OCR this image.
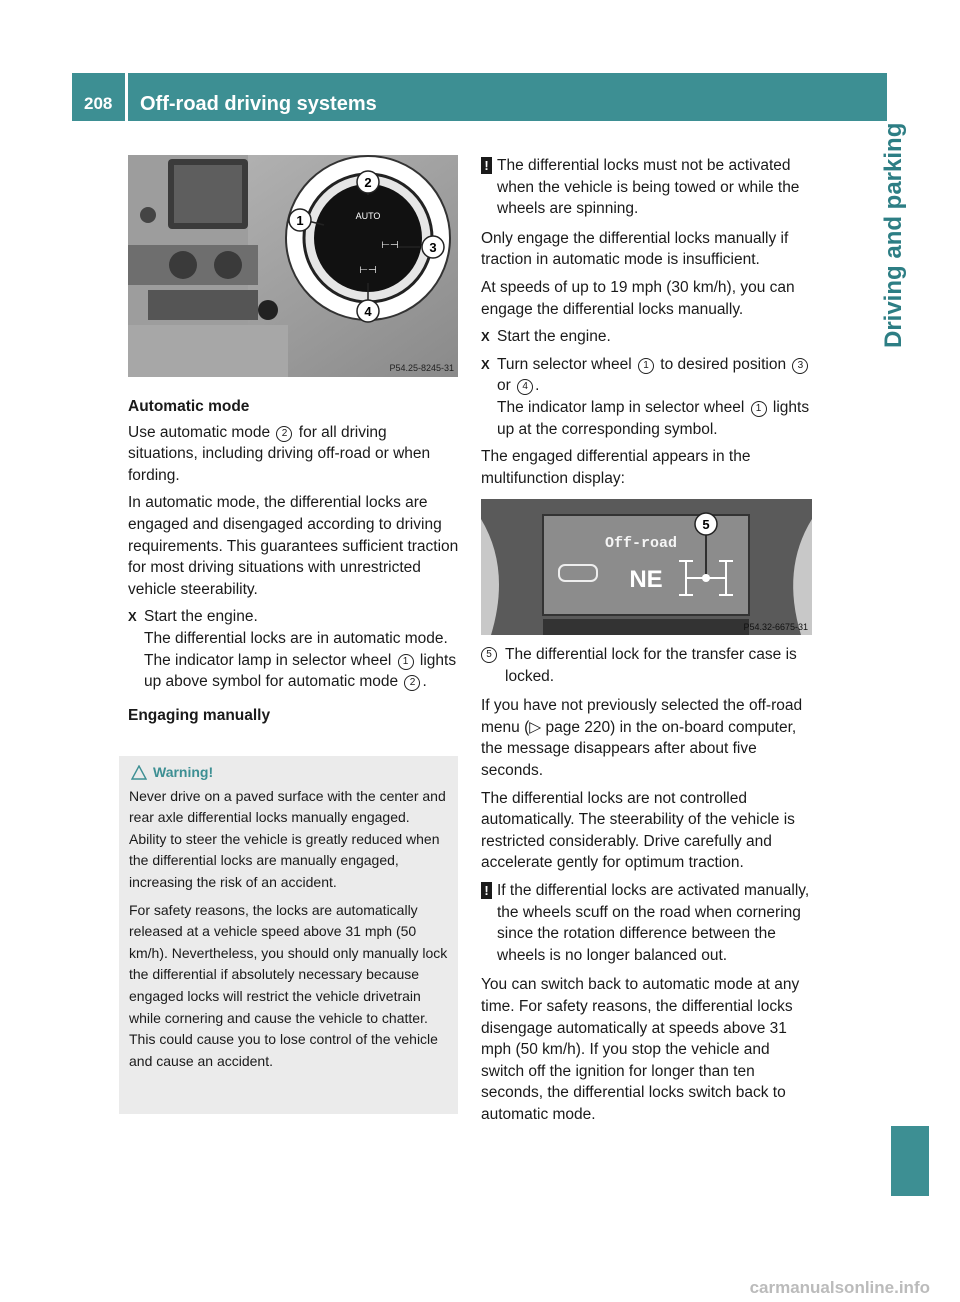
208	Off-road driving systems
Driving and parking
AUTO
⊢⊣
⊢⊣
2
1
3
4
P54.25-8245-31
Automatic mode

Use automatic mode 2 for all driving situations, including driving off-road or when fording.

In automatic mode, the differential locks are engaged and disengaged according to driving requirements. This guarantees sufficient traction for most driving situations with unrestricted vehicle steerability.

X Start the engine.
The differential locks are in automatic mode. The indicator lamp in selector wheel 1 lights up above symbol for automatic mode 2 .
Engaging manually
Warning!

Never drive on a paved surface with the center and rear axle differential locks manually engaged. Ability to steer the vehicle is greatly reduced when the differential locks are manually engaged, increasing the risk of an accident.

For safety reasons, the locks are automatically released at a vehicle speed above 31 mph (50 km/h). Nevertheless, you should only manually lock the differential if absolutely necessary because engaged locks will restrict the vehicle drivetrain while cornering and cause the vehicle to chatter. This could cause you to lose control of the vehicle and cause an accident.

! The differential locks must not be activated when the vehicle is being towed or while the wheels are spinning.

Only engage the differential locks manually if traction in automatic mode is insufficient.

At speeds of up to 19 mph (30 km/h), you can engage the differential locks manually.

X Start the engine.
X Turn selector wheel 1 to desired position 3 or 4 .
The indicator lamp in selector wheel 1 lights up at the corresponding symbol.

The engaged differential appears in the multifunction display:

Off-road
NE
5
P54.32-6675-31
5 The differential lock for the transfer case is locked.

If you have not previously selected the off-road menu (▷ page 220) in the on-board computer, the message disappears after about five seconds.

The differential locks are not controlled automatically. The steerability of the vehicle is restricted considerably. Drive carefully and accelerate gently for optimum traction.

! If the differential locks are activated manually, the wheels scuff on the road when cornering since the rotation difference between the wheels is no longer balanced out.

You can switch back to automatic mode at any time. For safety reasons, the differential locks disengage automatically at speeds above 31 mph (50 km/h). If you stop the vehicle and switch off the ignition for longer than ten seconds, the differential locks switch back to automatic mode.

carmanualsonline.info
